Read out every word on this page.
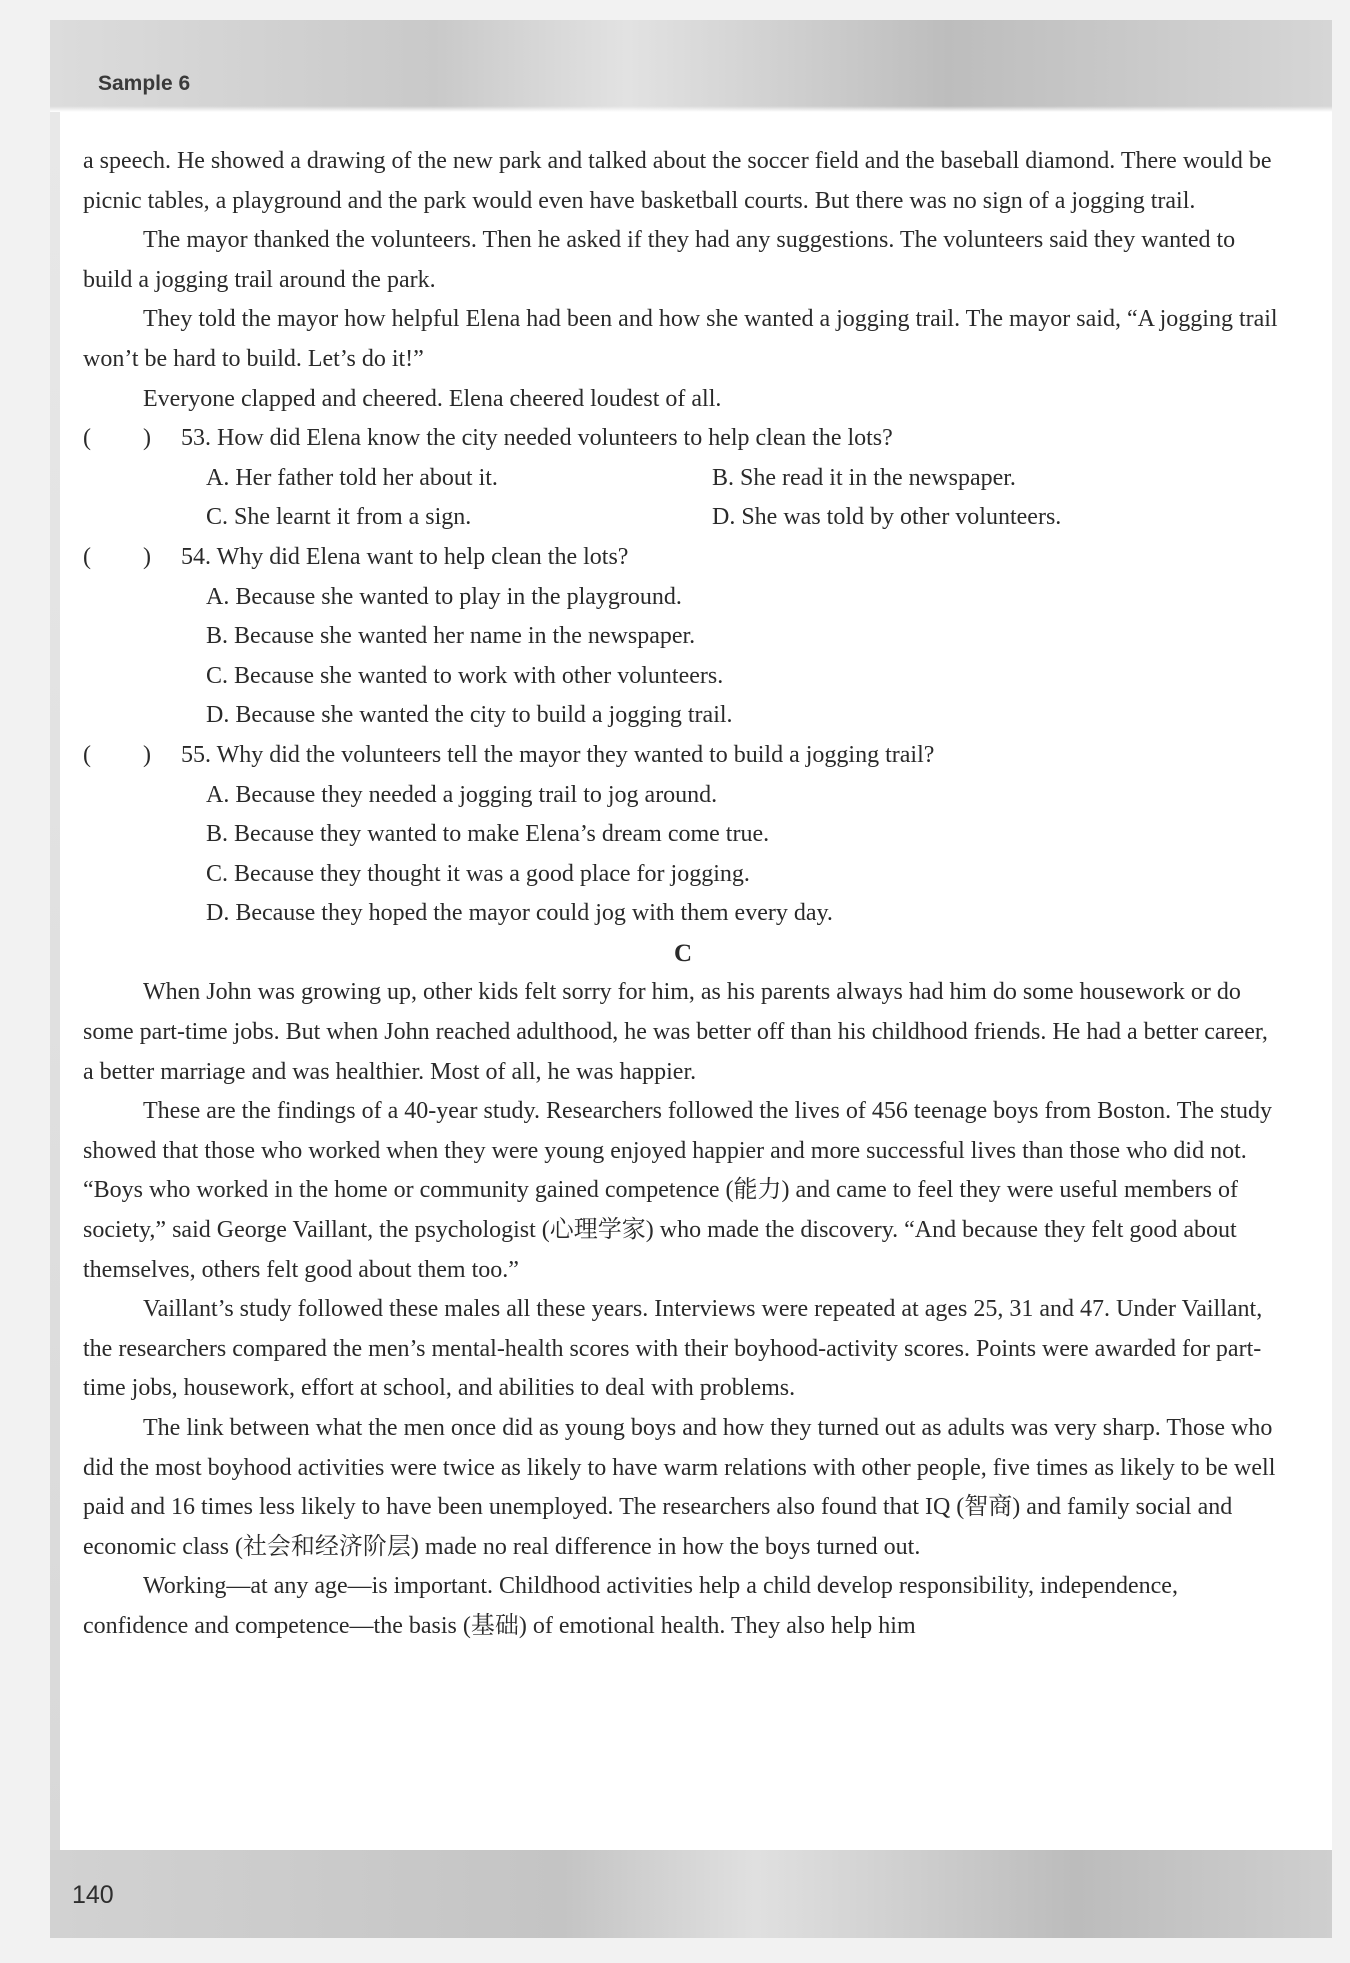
Sample 6

a speech. He showed a drawing of the new park and talked about the soccer field and the baseball diamond. There would be picnic tables, a playground and the park would even have basketball courts. But there was no sign of a jogging trail.

The mayor thanked the volunteers. Then he asked if they had any suggestions. The volunteers said they wanted to build a jogging trail around the park.

They told the mayor how helpful Elena had been and how she wanted a jogging trail. The mayor said, “A jogging trail won’t be hard to build. Let’s do it!”

Everyone clapped and cheered. Elena cheered loudest of all.

( ) 53. How did Elena know the city needed volunteers to help clean the lots?
A. Her father told her about it.	B. She read it in the newspaper.
C. She learnt it from a sign.	D. She was told by other volunteers.
( ) 54. Why did Elena want to help clean the lots?
A. Because she wanted to play in the playground.
B. Because she wanted her name in the newspaper.
C. Because she wanted to work with other volunteers.
D. Because she wanted the city to build a jogging trail.
( ) 55. Why did the volunteers tell the mayor they wanted to build a jogging trail?
A. Because they needed a jogging trail to jog around.
B. Because they wanted to make Elena’s dream come true.
C. Because they thought it was a good place for jogging.
D. Because they hoped the mayor could jog with them every day.
C

When John was growing up, other kids felt sorry for him, as his parents always had him do some housework or do some part-time jobs. But when John reached adulthood, he was better off than his childhood friends. He had a better career, a better marriage and was healthier. Most of all, he was happier.

These are the findings of a 40-year study. Researchers followed the lives of 456 teenage boys from Boston. The study showed that those who worked when they were young enjoyed happier and more successful lives than those who did not. “Boys who worked in the home or community gained competence (能力) and came to feel they were useful members of society,” said George Vaillant, the psychologist (心理学家) who made the discovery. “And because they felt good about themselves, others felt good about them too.”

Vaillant’s study followed these males all these years. Interviews were repeated at ages 25, 31 and 47. Under Vaillant, the researchers compared the men’s mental-health scores with their boyhood-activity scores. Points were awarded for part-time jobs, housework, effort at school, and abilities to deal with problems.

The link between what the men once did as young boys and how they turned out as adults was very sharp. Those who did the most boyhood activities were twice as likely to have warm relations with other people, five times as likely to be well paid and 16 times less likely to have been unemployed. The researchers also found that IQ (智商) and family social and economic class (社会和经济阶层) made no real difference in how the boys turned out.

Working—at any age—is important. Childhood activities help a child develop responsibility, independence, confidence and competence—the basis (基础) of emotional health. They also help him

140
